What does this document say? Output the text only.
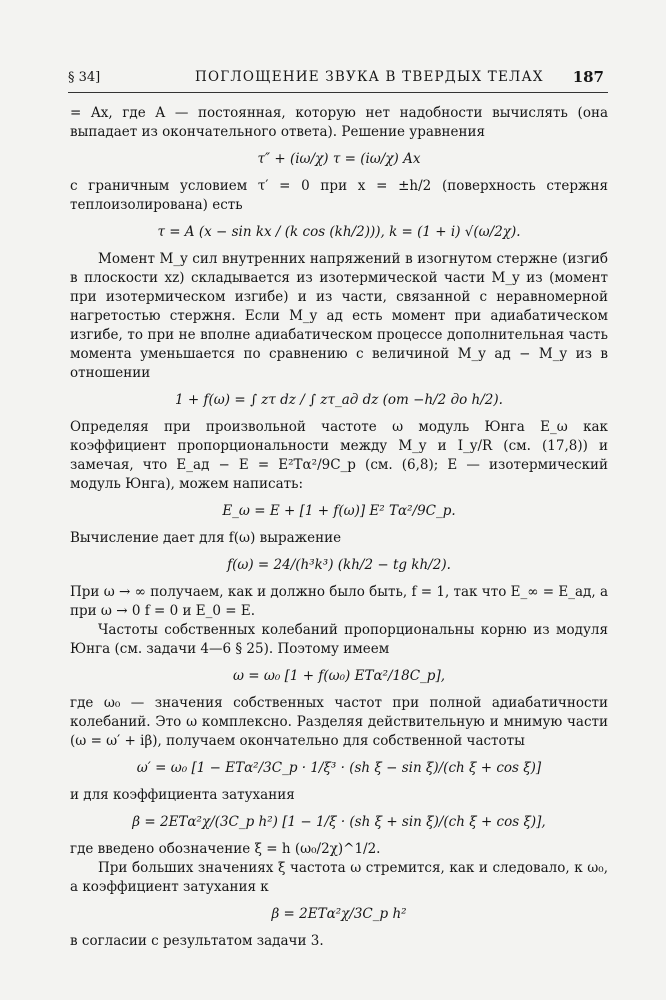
§ 34]	ПОГЛОЩЕНИЕ ЗВУКА В ТВЕРДЫХ ТЕЛАХ 187

= Ax, где A — постоянная, которую нет надобности вычислять (она выпадает из окончательного ответа). Решение уравнения

τ″ + (iω/χ) τ = (iω/χ) Ax

с граничным условием τ′ = 0 при x = ±h/2 (поверхность стержня теплоизолирована) есть

τ = A (x − sin kx / (k cos (kh/2))), k = (1 + i) √(ω/2χ).

Момент M_y сил внутренних напряжений в изогнутом стержне (изгиб в плоскости xz) складывается из изотермической части M_y из (момент при изотермическом изгибе) и из части, связанной с неравномерной нагретостью стержня. Если M_y ад есть момент при адиабатическом изгибе, то при не вполне адиабатическом процессе дополнительная часть момента уменьшается по сравнению с величиной M_y ад − M_y из в отношении

1 + f(ω) = ∫ zτ dz / ∫ zτ_ад dz (от −h/2 до h/2).

Определяя при произвольной частоте ω модуль Юнга E_ω как коэффициент пропорциональности между M_y и I_y/R (см. (17,8)) и замечая, что E_ад − E = E²Tα²/9C_p (см. (6,8); E — изотермический модуль Юнга), можем написать:

E_ω = E + [1 + f(ω)] E² Tα²/9C_p.

Вычисление дает для f(ω) выражение

f(ω) = 24/(h³k³) (kh/2 − tg kh/2).

При ω → ∞ получаем, как и должно было быть, f = 1, так что E_∞ = E_ад, а при ω → 0 f = 0 и E_0 = E.

Частоты собственных колебаний пропорциональны корню из модуля Юнга (см. задачи 4—6 § 25). Поэтому имеем

ω = ω₀ [1 + f(ω₀) ETα²/18C_p],

где ω₀ — значения собственных частот при полной адиабатичности колебаний. Это ω комплексно. Разделяя действительную и мнимую части (ω = ω′ + iβ), получаем окончательно для собственной частоты

ω′ = ω₀ [1 − ETα²/3C_p · 1/ξ³ · (sh ξ − sin ξ)/(ch ξ + cos ξ)]

и для коэффициента затухания

β = 2ETα²χ/(3C_p h²) [1 − 1/ξ · (sh ξ + sin ξ)/(ch ξ + cos ξ)],

где введено обозначение ξ = h (ω₀/2χ)^1/2.

При больших значениях ξ частота ω стремится, как и следовало, к ω₀, а коэффициент затухания к

β = 2ETα²χ/3C_p h²

в согласии с результатом задачи 3.
